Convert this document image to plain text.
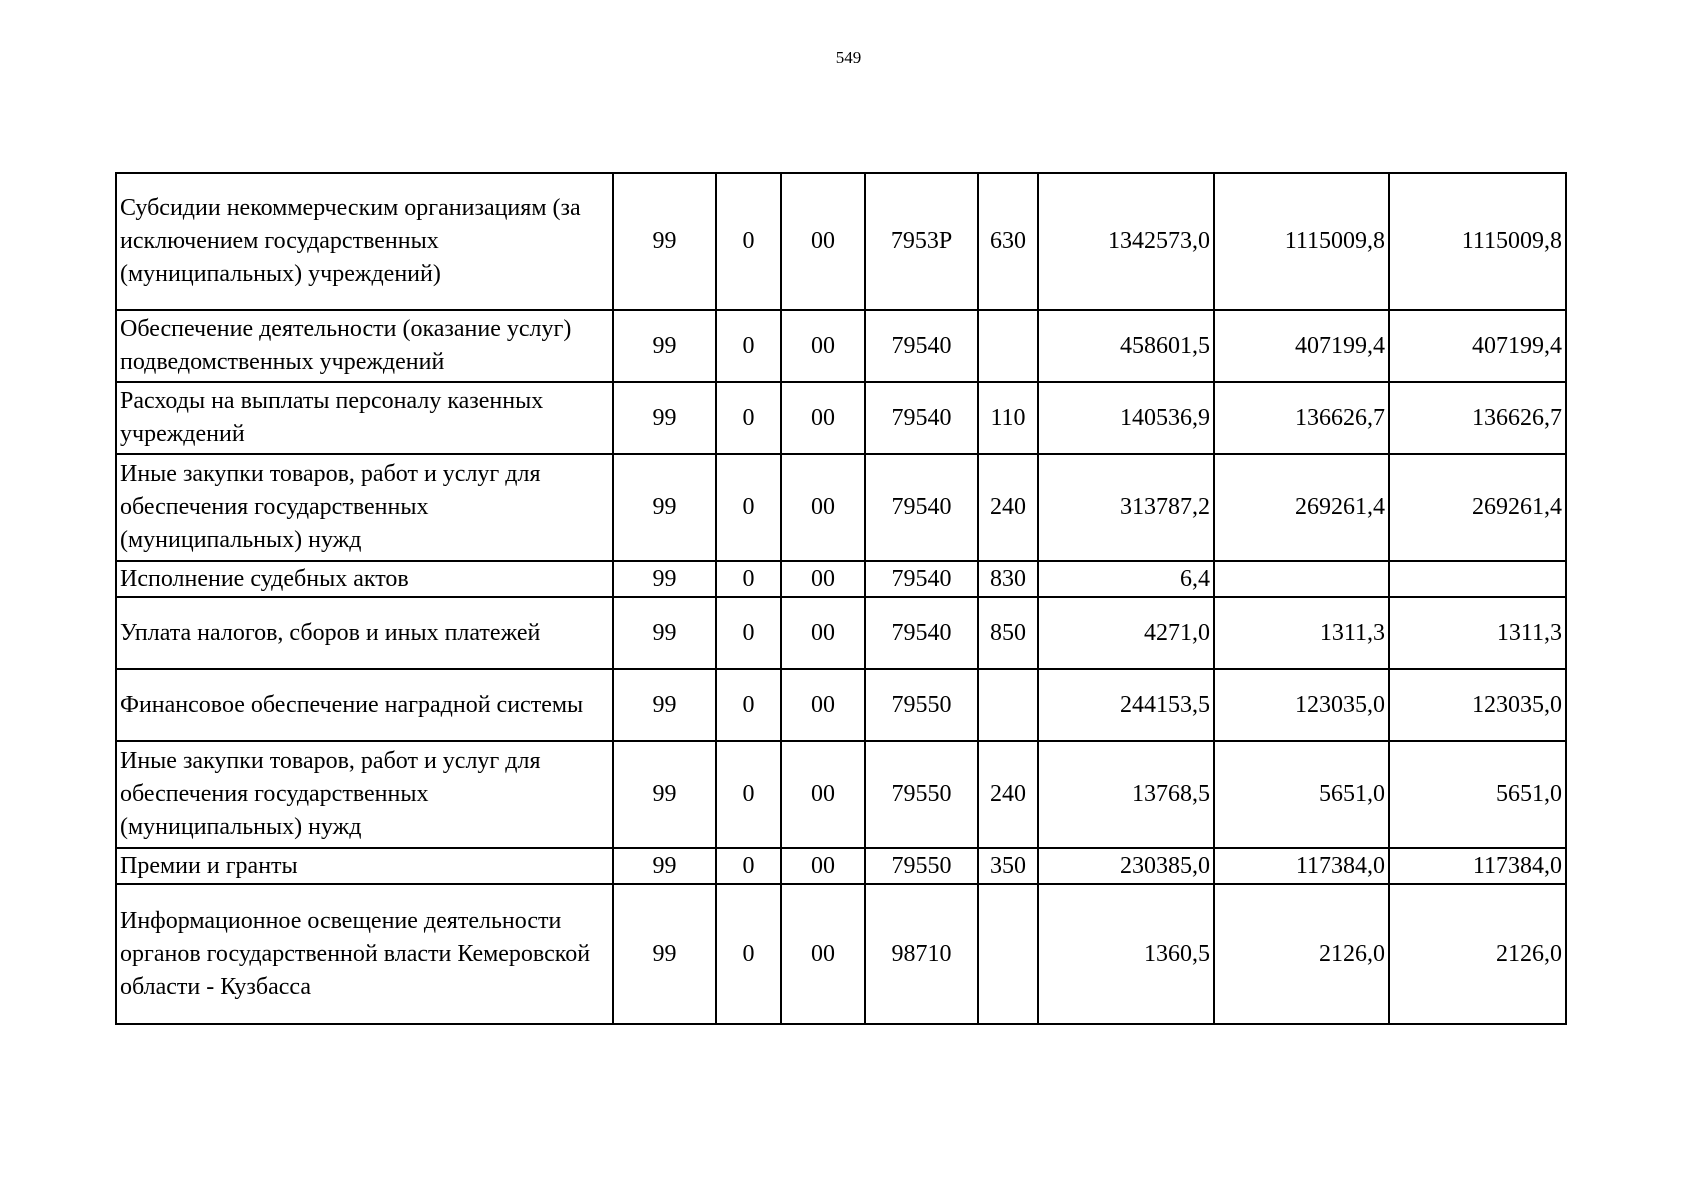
549
Субсидии некоммерческим организациям (за исключением государственных (муниципальных) учреждений)	99	0	00	7953Р	630	1342573,0	1115009,8	1115009,8
Обеспечение деятельности (оказание услуг) подведомственных учреждений	99	0	00	79540		458601,5	407199,4	407199,4
Расходы на выплаты персоналу казенных учреждений	99	0	00	79540	110	140536,9	136626,7	136626,7
Иные закупки товаров, работ и услуг для обеспечения государственных (муниципальных) нужд	99	0	00	79540	240	313787,2	269261,4	269261,4
Исполнение судебных актов	99	0	00	79540	830	6,4		
Уплата налогов, сборов и иных платежей	99	0	00	79540	850	4271,0	1311,3	1311,3
Финансовое обеспечение наградной системы	99	0	00	79550		244153,5	123035,0	123035,0
Иные закупки товаров, работ и услуг для обеспечения государственных (муниципальных) нужд	99	0	00	79550	240	13768,5	5651,0	5651,0
Премии и гранты	99	0	00	79550	350	230385,0	117384,0	117384,0
Информационное освещение деятельности органов государственной власти Кемеровской области - Кузбасса	99	0	00	98710		1360,5	2126,0	2126,0
